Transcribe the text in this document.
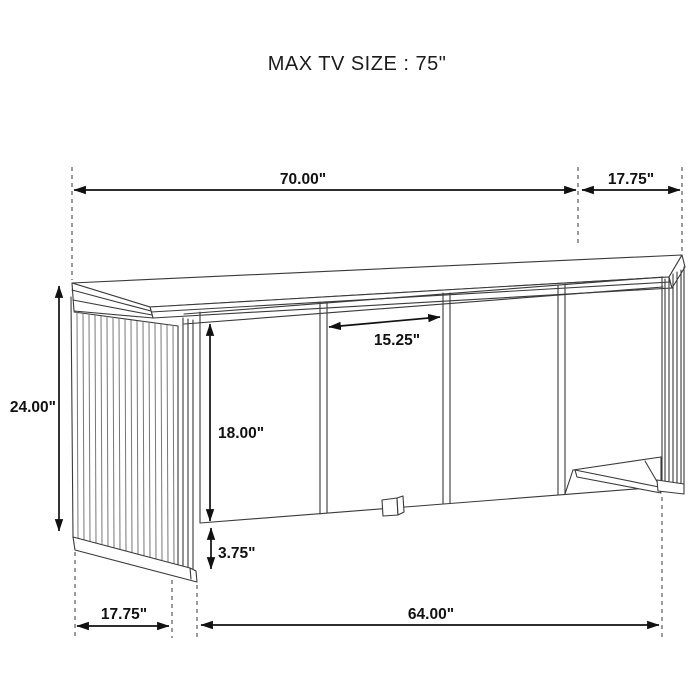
MAX TV SIZE : 75"
70.00"	17.75"
24.00"
15.25"
18.00"
3.75"
17.75"	64.00"
